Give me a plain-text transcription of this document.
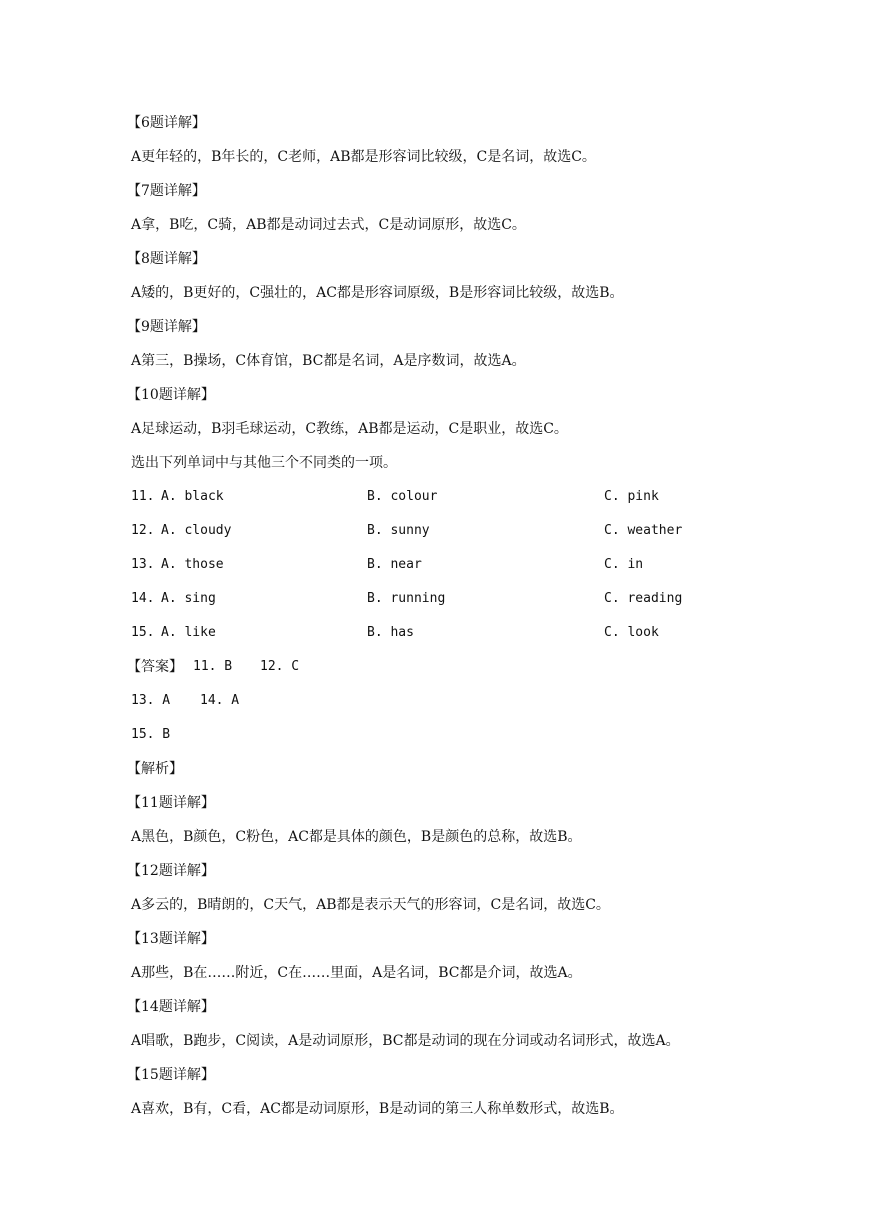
【6题详解】
A更年轻的，B年长的，C老师，AB都是形容词比较级，C是名词，故选C。
【7题详解】
A拿，B吃，C骑，AB都是动词过去式，C是动词原形，故选C。
【8题详解】
A矮的，B更好的，C强壮的，AC都是形容词原级，B是形容词比较级，故选B。
【9题详解】
A第三，B操场，C体育馆，BC都是名词，A是序数词，故选A。
【10题详解】
A足球运动，B羽毛球运动，C教练，AB都是运动，C是职业，故选C。
选出下列单词中与其他三个不同类的一项。
11. A. black	B. colour	C. pink
12. A. cloudy	B. sunny	C. weather
13. A. those	B. near	C. in
14. A. sing	B. running	C. reading
15. A. like	B. has	C. look
【答案】 11. B 12. C
13. A 14. A
15. B
【解析】
【11题详解】
A黑色，B颜色，C粉色，AC都是具体的颜色，B是颜色的总称，故选B。
【12题详解】
A多云的，B晴朗的，C天气，AB都是表示天气的形容词，C是名词，故选C。
【13题详解】
A那些，B在……附近，C在……里面，A是名词，BC都是介词，故选A。
【14题详解】
A唱歌，B跑步，C阅读，A是动词原形，BC都是动词的现在分词或动名词形式，故选A。
【15题详解】
A喜欢，B有，C看，AC都是动词原形，B是动词的第三人称单数形式，故选B。
